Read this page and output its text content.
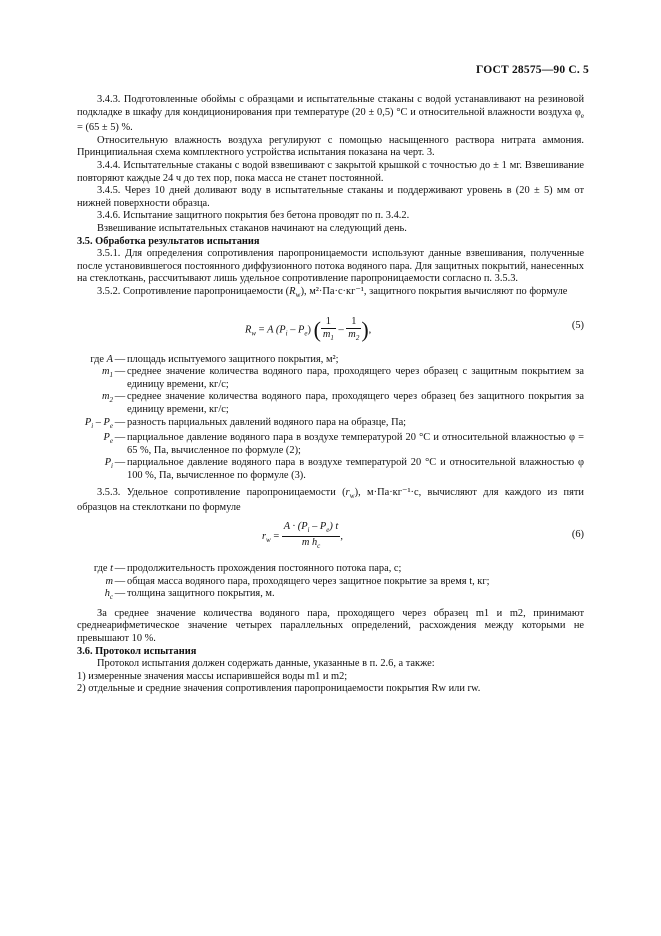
ГОСТ 28575—90 С. 5

3.4.3. Подготовленные обоймы с образцами и испытательные стаканы с водой устанавливают на резиновой подкладке в шкафу для кондиционирования при температуре (20 ± 0,5) °С и относительной влажности воздуха $\varphi_е = (65 \pm 5)$ %.

Относительную влажность воздуха регулируют с помощью насыщенного раствора нитрата аммония. Принципиальная схема комплектного устройства испытания показана на черт. 3.

3.4.4. Испытательные стаканы с водой взвешивают с закрытой крышкой с точностью до ± 1 мг. Взвешивание повторяют каждые 24 ч до тех пор, пока масса не станет постоянной.

3.4.5. Через 10 дней доливают воду в испытательные стаканы и поддерживают уровень в (20 ± 5) мм от нижней поверхности образца.

3.4.6. Испытание защитного покрытия без бетона проводят по п. 3.4.2.

Взвешивание испытательных стаканов начинают на следующий день.

3.5. Обработка результатов испытания

3.5.1. Для определения сопротивления паропроницаемости используют данные взвешивания, полученные после установившегося постоянного диффузионного потока водяного пара. Для защитных покрытий, нанесенных на стеклоткань, рассчитывают лишь удельное сопротивление паропроницаемости согласно п. 3.5.3.

3.5.2. Сопротивление паропроницаемости $(R_w)$, м²·Па·с·кг⁻¹, защитного покрытия вычисляют по формуле

$R_w = A$ $(P_i - P_e)$ ( $\frac{1}{m_1} - \frac{1}{m_2}$ ),	(5)
где A — площадь испытуемого защитного покрытия, м²;
$m_1$ — среднее значение количества водяного пара, проходящего через образец с защитным покрытием за единицу времени, кг/с;
$m_2$ — среднее значение количества водяного пара, проходящего через образец без защитного покрытия за единицу времени, кг/с;
$P_i - P_e$ — разность парциальных давлений водяного пара на образце, Па;
$P_e$ — парциальное давление водяного пара в воздухе температурой 20 °С и относительной влажностью φ = 65 %, Па, вычисленное по формуле (2);
$P_i$ — парциальное давление водяного пара в воздухе температурой 20 °С и относительной влажностью φ 100 %, Па, вычисленное по формуле (3).

3.5.3. Удельное сопротивление паропроницаемости $(r_w)$, м·Па·кг⁻¹·с, вычисляют для каждого из пяти образцов на стеклоткани по формуле

$r_w = \frac{A \cdot (P_i - P_e) t}{m h_c}$ ,	(6)
где t — продолжительность прохождения постоянного потока пара, с;
m — общая масса водяного пара, проходящего через защитное покрытие за время t, кг;
$h_c$ — толщина защитного покрытия, м.

За среднее значение количества водяного пара, проходящего через образец m1 и m2, принимают среднеарифметическое значение четырех параллельных определений, расхождения между которыми не превышают 10 %.

3.6. Протокол испытания

Протокол испытания должен содержать данные, указанные в п. 2.6, а также:

1) измеренные значения массы испарившейся воды m1 и m2;

2) отдельные и средние значения сопротивления паропроницаемости покрытия Rw или rw.
